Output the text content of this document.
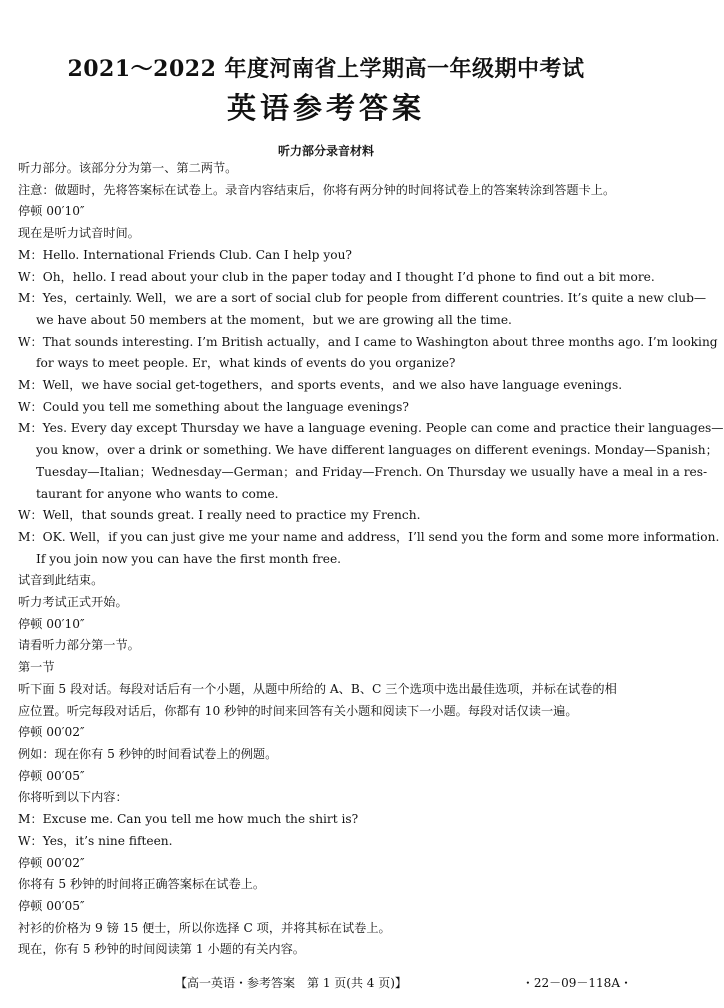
2021～2022 年度河南省上学期高一年级期中考试
英语参考答案
听力部分录音材料
听力部分。该部分分为第一、第二两节。
注意：做题时，先将答案标在试卷上。录音内容结束后，你将有两分钟的时间将试卷上的答案转涂到答题卡上。
停顿 00′10″
现在是听力试音时间。
M：Hello. International Friends Club. Can I help you?
W：Oh，hello. I read about your club in the paper today and I thought I’d phone to find out a bit more.
M：Yes，certainly. Well，we are a sort of social club for people from different countries. It’s quite a new club—
we have about 50 members at the moment，but we are growing all the time.
W：That sounds interesting. I’m British actually，and I came to Washington about three months ago. I’m looking
for ways to meet people. Er，what kinds of events do you organize?
M：Well，we have social get-togethers，and sports events，and we also have language evenings.
W：Could you tell me something about the language evenings?
M：Yes. Every day except Thursday we have a language evening. People can come and practice their languages—
you know，over a drink or something. We have different languages on different evenings. Monday—Spanish；
Tuesday—Italian；Wednesday—German；and Friday—French. On Thursday we usually have a meal in a res-
taurant for anyone who wants to come.
W：Well，that sounds great. I really need to practice my French.
M：OK. Well，if you can just give me your name and address，I’ll send you the form and some more information.
If you join now you can have the first month free.
试音到此结束。
听力考试正式开始。
停顿 00′10″
请看听力部分第一节。
第一节
听下面 5 段对话。每段对话后有一个小题，从题中所给的 A、B、C 三个选项中选出最佳选项，并标在试卷的相
应位置。听完每段对话后，你都有 10 秒钟的时间来回答有关小题和阅读下一小题。每段对话仅读一遍。
停顿 00′02″
例如：现在你有 5 秒钟的时间看试卷上的例题。
停顿 00′05″
你将听到以下内容：
M：Excuse me. Can you tell me how much the shirt is?
W：Yes，it’s nine fifteen.
停顿 00′02″
你将有 5 秒钟的时间将正确答案标在试卷上。
停顿 00′05″
衬衫的价格为 9 镑 15 便士，所以你选择 C 项，并将其标在试卷上。
现在，你有 5 秒钟的时间阅读第 1 小题的有关内容。
【高一英语・参考答案　第 1 页(共 4 页)】	・22－09－118A・
